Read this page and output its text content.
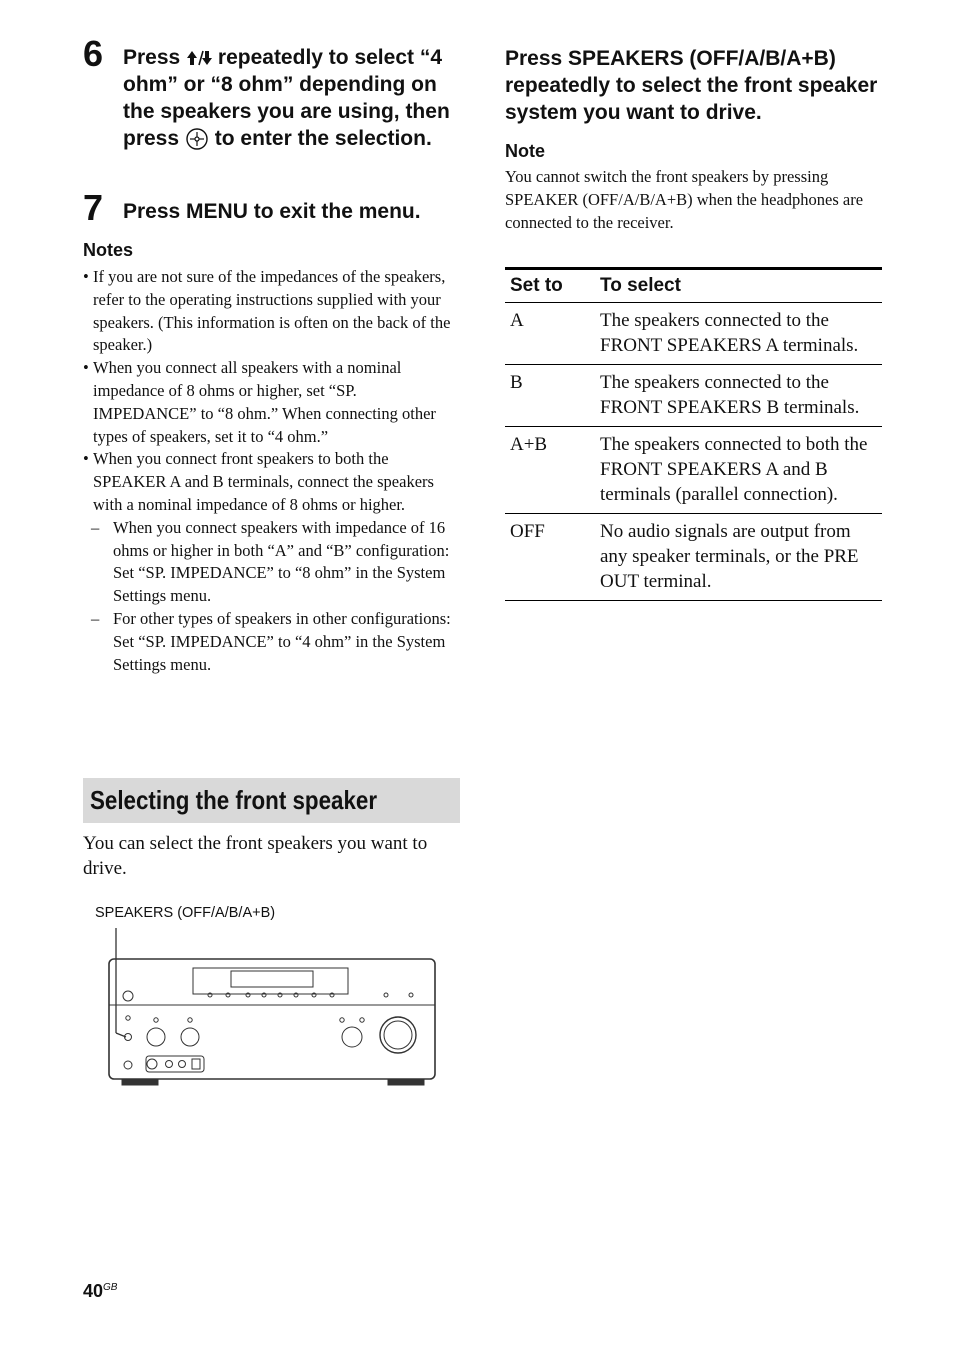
6 Press repeatedly to select “4 ohm” or “8 ohm” depending on the speakers you are using, then press to enter the selection.
7 Press MENU to exit the menu.
Notes
• If you are not sure of the impedances of the speakers, refer to the operating instructions supplied with your speakers. (This information is often on the back of the speaker.)
• When you connect all speakers with a nominal impedance of 8 ohms or higher, set “SP. IMPEDANCE” to “8 ohm.” When connecting other types of speakers, set it to “4 ohm.”
• When you connect front speakers to both the SPEAKER A and B terminals, connect the speakers with a nominal impedance of 8 ohms or higher.
– When you connect speakers with impedance of 16 ohms or higher in both “A” and “B” configuration:
Set “SP. IMPEDANCE” to “8 ohm” in the System Settings menu.
– For other types of speakers in other configurations:
Set “SP. IMPEDANCE” to “4 ohm” in the System Settings menu.
Selecting the front speaker
You can select the front speakers you want to drive.
SPEAKERS (OFF/A/B/A+B)
Press SPEAKERS (OFF/A/B/A+B) repeatedly to select the front speaker system you want to drive.
Note
You cannot switch the front speakers by pressing SPEAKER (OFF/A/B/A+B) when the headphones are connected to the receiver.
Set to	To select
A	The speakers connected to the FRONT SPEAKERS A terminals.
B	The speakers connected to the FRONT SPEAKERS B terminals.
A+B	The speakers connected to both the FRONT SPEAKERS A and B terminals (parallel connection).
OFF	No audio signals are output from any speaker terminals, or the PRE OUT terminal.
$40^{GB}$
